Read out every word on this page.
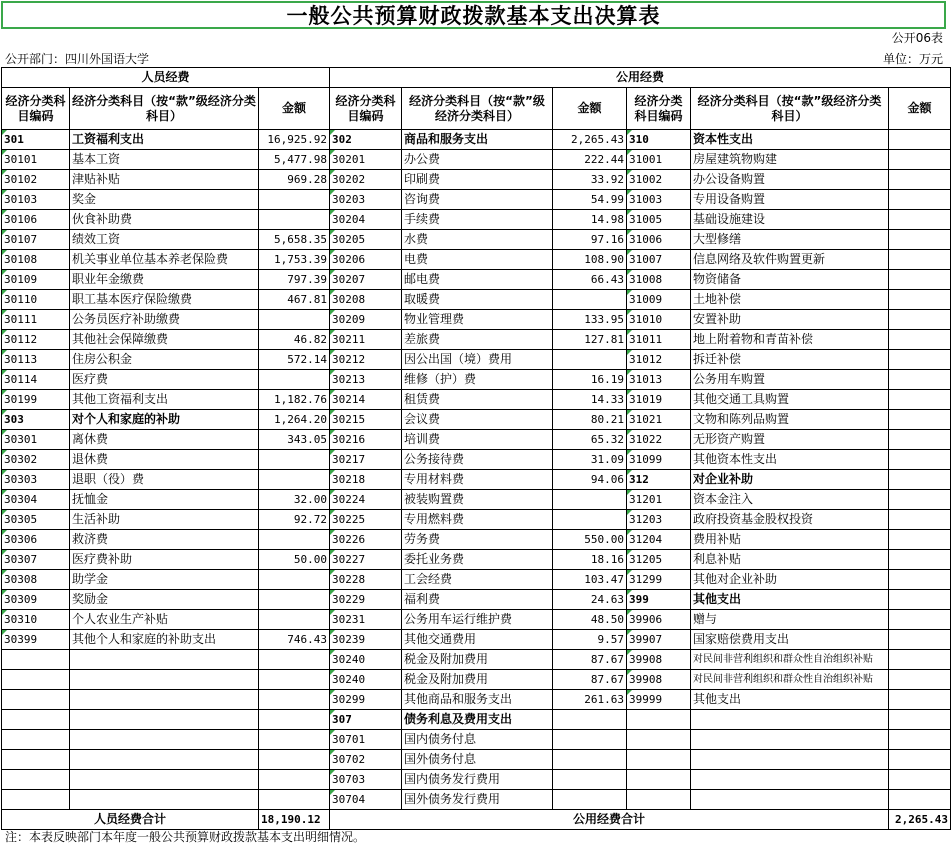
一般公共预算财政拨款基本支出决算表
公开06表
公开部门：四川外国语大学	单位：万元
人员经费			公用经费					
经济分类科目编码	经济分类科目（按“款”级经济分类科目）	金额	经济分类科目编码	经济分类科目（按“款”级经济分类科目）	金额	经济分类科目编码	经济分类科目（按“款”级经济分类科目）	金额
301	工资福利支出	16,925.92	302	商品和服务支出	2,265.43	310	资本性支出	
30101	基本工资	5,477.98	30201	办公费	222.44	31001	房屋建筑物购建	
30102	津贴补贴	969.28	30202	印刷费	33.92	31002	办公设备购置	
30103	奖金		30203	咨询费	54.99	31003	专用设备购置	
30106	伙食补助费		30204	手续费	14.98	31005	基础设施建设	
30107	绩效工资	5,658.35	30205	水费	97.16	31006	大型修缮	
30108	机关事业单位基本养老保险费	1,753.39	30206	电费	108.90	31007	信息网络及软件购置更新	
30109	职业年金缴费	797.39	30207	邮电费	66.43	31008	物资储备	
30110	职工基本医疗保险缴费	467.81	30208	取暖费		31009	土地补偿	
30111	公务员医疗补助缴费		30209	物业管理费	133.95	31010	安置补助	
30112	其他社会保障缴费	46.82	30211	差旅费	127.81	31011	地上附着物和青苗补偿	
30113	住房公积金	572.14	30212	因公出国（境）费用		31012	拆迁补偿	
30114	医疗费		30213	维修（护）费	16.19	31013	公务用车购置	
30199	其他工资福利支出	1,182.76	30214	租赁费	14.33	31019	其他交通工具购置	
303	对个人和家庭的补助	1,264.20	30215	会议费	80.21	31021	文物和陈列品购置	
30301	离休费	343.05	30216	培训费	65.32	31022	无形资产购置	
30302	退休费		30217	公务接待费	31.09	31099	其他资本性支出	
30303	退职（役）费		30218	专用材料费	94.06	312	对企业补助	
30304	抚恤金	32.00	30224	被装购置费		31201	资本金注入	
30305	生活补助	92.72	30225	专用燃料费		31203	政府投资基金股权投资	
30306	救济费		30226	劳务费	550.00	31204	费用补贴	
30307	医疗费补助	50.00	30227	委托业务费	18.16	31205	利息补贴	
30308	助学金		30228	工会经费	103.47	31299	其他对企业补助	
30309	奖励金		30229	福利费	24.63	399	其他支出	
30310	个人农业生产补贴		30231	公务用车运行维护费	48.50	39906	赠与	
30399	其他个人和家庭的补助支出	746.43	30239	其他交通费用	9.57	39907	国家赔偿费用支出	
			30240	税金及附加费用	87.67	39908	对民间非营利组织和群众性自治组织补贴	
			30240	税金及附加费用	87.67	39908	对民间非营利组织和群众性自治组织补贴	
			30299	其他商品和服务支出	261.63	39999	其他支出	
			307	债务利息及费用支出				
			30701	国内债务付息				
			30702	国外债务付息				
			30703	国内债务发行费用				
			30704	国外债务发行费用				
人员经费合计		18,190.12	公用经费合计					2,265.43
注：本表反映部门本年度一般公共预算财政拨款基本支出明细情况。
